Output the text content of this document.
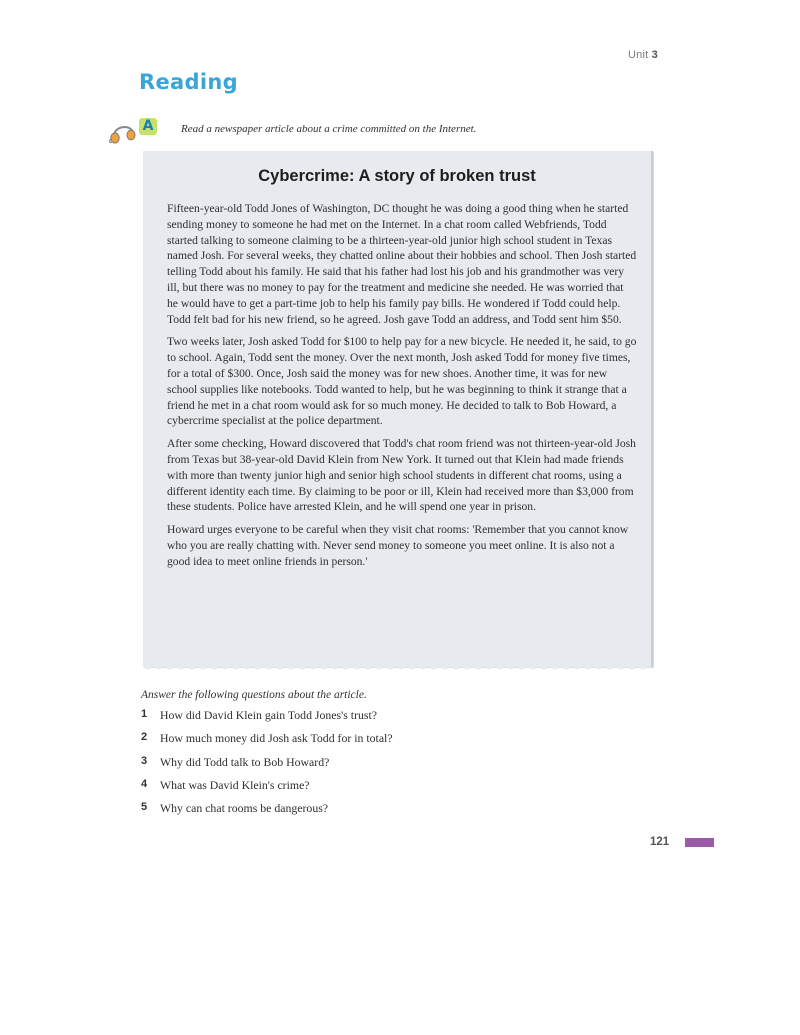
Unit 3
Reading
A	Read a newspaper article about a crime committed on the Internet.
Cybercrime: A story of broken trust

Fifteen-year-old Todd Jones of Washington, DC thought he was doing a good thing when he started sending money to someone he had met on the Internet. In a chat room called Webfriends, Todd started talking to someone claiming to be a thirteen-year-old junior high school student in Texas named Josh. For several weeks, they chatted online about their hobbies and school. Then Josh started telling Todd about his family. He said that his father had lost his job and his grandmother was very ill, but there was no money to pay for the treatment and medicine she needed. He was worried that he would have to get a part-time job to help his family pay bills. He wondered if Todd could help. Todd felt bad for his new friend, so he agreed. Josh gave Todd an address, and Todd sent him $50.

Two weeks later, Josh asked Todd for $100 to help pay for a new bicycle. He needed it, he said, to go to school. Again, Todd sent the money. Over the next month, Josh asked Todd for money five times, for a total of $300. Once, Josh said the money was for new shoes. Another time, it was for new school supplies like notebooks. Todd wanted to help, but he was beginning to think it strange that a friend he met in a chat room would ask for so much money. He decided to talk to Bob Howard, a cybercrime specialist at the police department.

After some checking, Howard discovered that Todd's chat room friend was not thirteen-year-old Josh from Texas but 38-year-old David Klein from New York. It turned out that Klein had made friends with more than twenty junior high and senior high school students in different chat rooms, using a different identity each time. By claiming to be poor or ill, Klein had received more than $3,000 from these students. Police have arrested Klein, and he will spend one year in prison.

Howard urges everyone to be careful when they visit chat rooms: 'Remember that you cannot know who you are really chatting with. Never send money to someone you meet online. It is also not a good idea to meet online friends in person.'

Answer the following questions about the article.
1 How did David Klein gain Todd Jones's trust?
2 How much money did Josh ask Todd for in total?
3 Why did Todd talk to Bob Howard?
4 What was David Klein's crime?
5 Why can chat rooms be dangerous?
121
